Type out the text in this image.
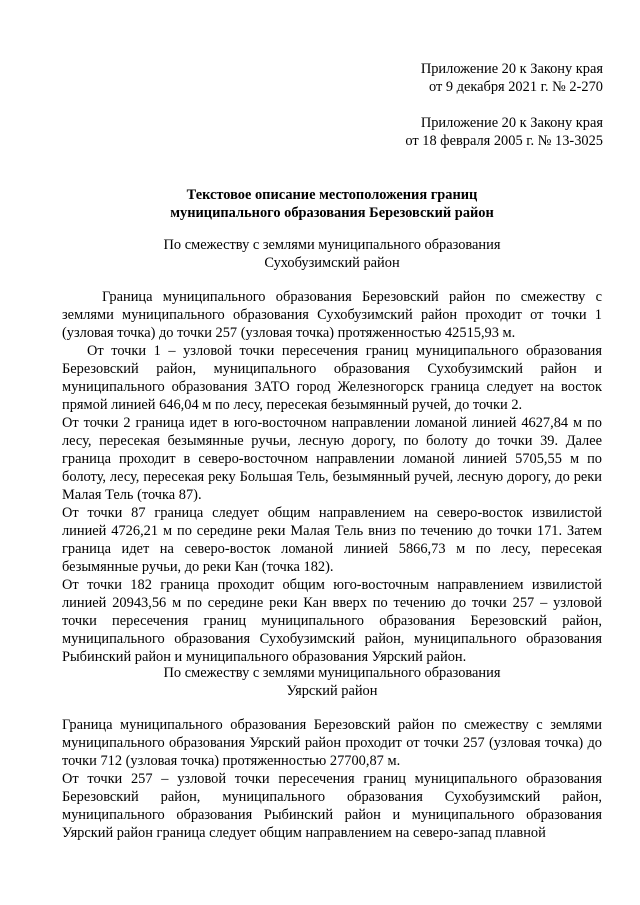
Приложение 20 к Закону края
от 9 декабря 2021 г. № 2-270
Приложение 20 к Закону края
от 18 февраля 2005 г. № 13-3025
Текстовое описание местоположения границ
муниципального образования Березовский район
По смежеству с землями муниципального образования
Сухобузимский район

Граница муниципального образования Березовский район по смежеству с землями муниципального образования Сухобузимский район проходит от точки 1 (узловая точка) до точки 257 (узловая точка) протяженностью 42515,93 м.

От точки 1 – узловой точки пересечения границ муниципального образования Березовский район, муниципального образования Сухобузимский район и муниципального образования ЗАТО город Железногорск граница следует на восток прямой линией 646,04 м по лесу, пересекая безымянный ручей, до точки 2.

От точки 2 граница идет в юго-восточном направлении ломаной линией 4627,84 м по лесу, пересекая безымянные ручьи, лесную дорогу, по болоту до точки 39. Далее граница проходит в северо-восточном направлении ломаной линией 5705,55 м по болоту, лесу, пересекая реку Большая Тель, безымянный ручей, лесную дорогу, до реки Малая Тель (точка 87).

От точки 87 граница следует общим направлением на северо-восток извилистой линией 4726,21 м по середине реки Малая Тель вниз по течению до точки 171. Затем граница идет на северо-восток ломаной линией 5866,73 м по лесу, пересекая безымянные ручьи, до реки Кан (точка 182).

От точки 182 граница проходит общим юго-восточным направлением извилистой линией 20943,56 м по середине реки Кан вверх по течению до точки 257 – узловой точки пересечения границ муниципального образования Березовский район, муниципального образования Сухобузимский район, муниципального образования Рыбинский район и муниципального образования Уярский район.

По смежеству с землями муниципального образования
Уярский район

Граница муниципального образования Березовский район по смежеству с землями муниципального образования Уярский район проходит от точки 257 (узловая точка) до точки 712 (узловая точка) протяженностью 27700,87 м.

От точки 257 – узловой точки пересечения границ муниципального образования Березовский район, муниципального образования Сухобузимский район, муниципального образования Рыбинский район и муниципального образования Уярский район граница следует общим направлением на северо-запад плавной
